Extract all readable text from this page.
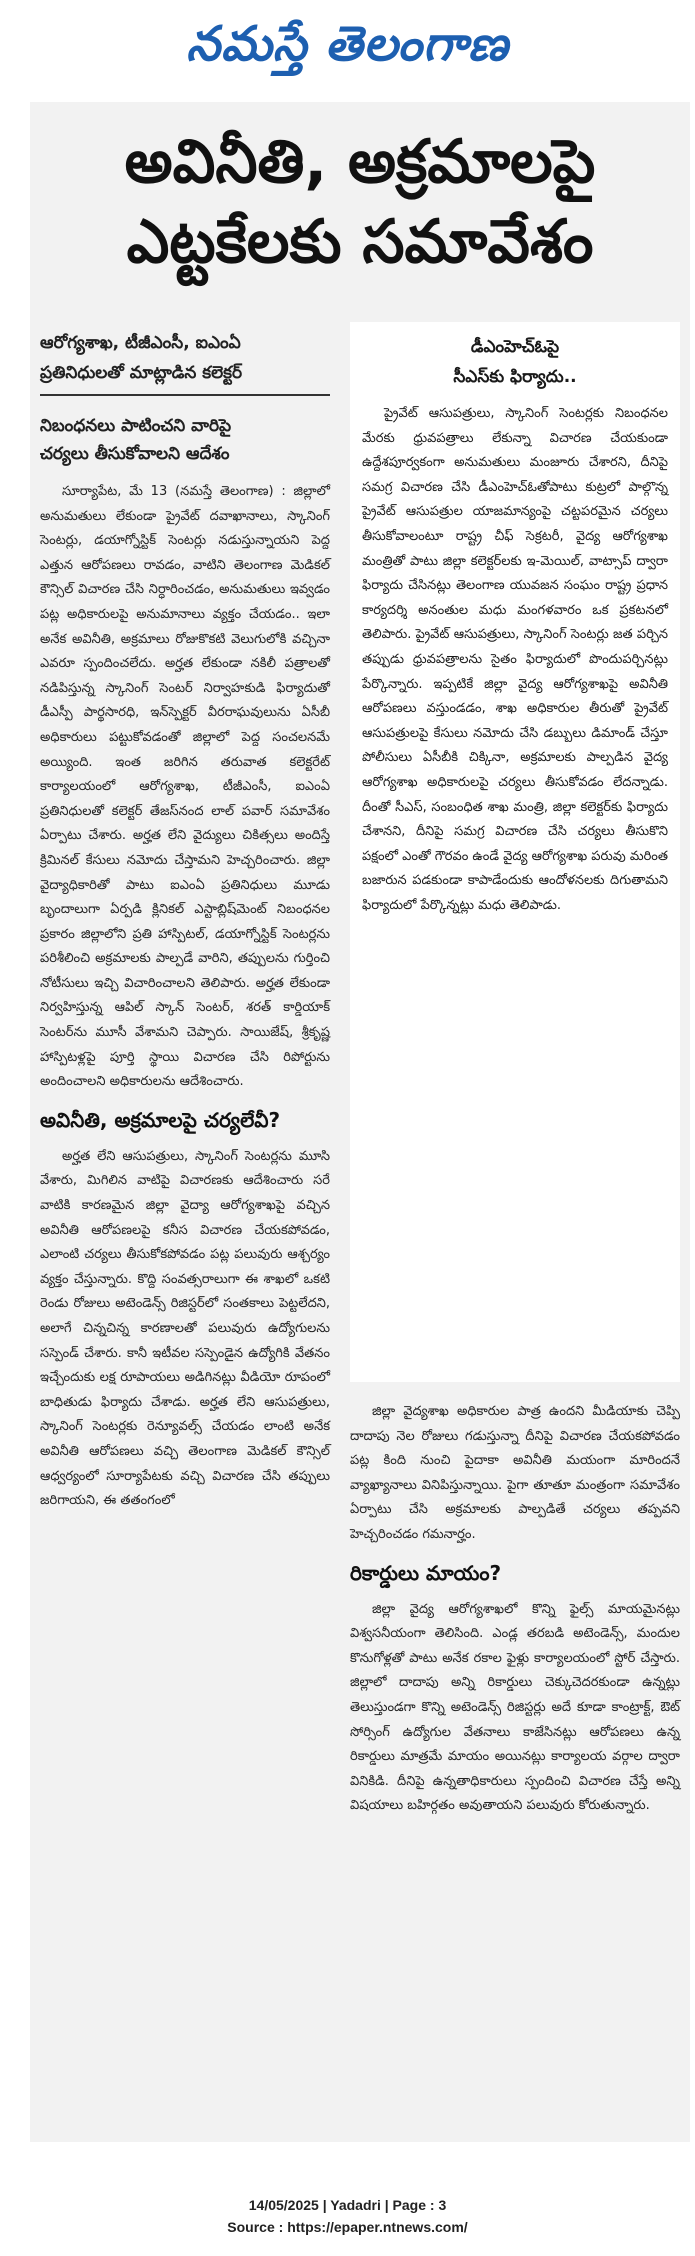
నమస్తే తెలంగాణ
అవినీతి, అక్రమాలపై
ఎట్టకేలకు సమావేశం
ఆరోగ్యశాఖ, టీజీఎంసీ, ఐఎంఏ
ప్రతినిధులతో మాట్లాడిన కలెక్టర్
నిబంధనలు పాటించని వారిపై
చర్యలు తీసుకోవాలని ఆదేశం

సూర్యాపేట, మే 13 (నమస్తే తెలంగాణ) : జిల్లాలో అనుమతులు లేకుండా ప్రైవేట్ దవాఖానాలు, స్కానింగ్ సెంటర్లు, డయాగ్నోస్టిక్ సెంటర్లు నడుస్తున్నాయని పెద్ద ఎత్తున ఆరోపణలు రావడం, వాటిని తెలంగాణ మెడికల్ కౌన్సిల్ విచారణ చేసి నిర్ధారించడం, అనుమతులు ఇవ్వడం పట్ల అధికారులపై అనుమానాలు వ్యక్తం చేయడం.. ఇలా అనేక అవినీతి, అక్రమాలు రోజుకొకటి వెలుగులోకి వచ్చినా ఎవరూ స్పందించలేదు. అర్హత లేకుండా నకిలీ పత్రాలతో నడిపిస్తున్న స్కానింగ్ సెంటర్ నిర్వాహకుడి ఫిర్యాదుతో డీఎస్పీ పార్థసారధి, ఇన్‌స్పెక్టర్ వీరరాఘవులును ఏసీబీ అధికారులు పట్టుకోవడంతో జిల్లాలో పెద్ద సంచలనమే అయ్యింది. ఇంత జరిగిన తరువాత కలెక్టరేట్ కార్యాలయంలో ఆరోగ్యశాఖ, టీజీఎంసీ, ఐఎంఏ ప్రతినిధులతో కలెక్టర్ తేజస్‌నంద లాల్ పవార్ సమావేశం ఏర్పాటు చేశారు. అర్హత లేని వైద్యులు చికిత్సలు అందిస్తే క్రిమినల్ కేసులు నమోదు చేస్తామని హెచ్చరించారు. జిల్లా వైద్యాధికారితో పాటు ఐఎంఏ ప్రతినిధులు మూడు బృందాలుగా ఏర్పడి క్లినికల్ ఎస్టాబ్లిష్‌మెంట్ నిబంధనల ప్రకారం జిల్లాలోని ప్రతి హాస్పిటల్, డయాగ్నోస్టిక్ సెంటర్లను పరిశీలించి అక్రమాలకు పాల్పడే వారిని, తప్పులను గుర్తించి నోటీసులు ఇచ్చి విచారించాలని తెలిపారు. అర్హత లేకుండా నిర్వహిస్తున్న ఆపిల్ స్కాన్ సెంటర్, శరత్ కార్డియాక్ సెంటర్‌ను మూసీ వేశామని చెప్పారు. సాయిజేష్, శ్రీకృష్ణ హాస్పిటళ్లపై పూర్తి స్థాయి విచారణ చేసి రిపోర్టును అందించాలని అధికారులను ఆదేశించారు.

అవినీతి, అక్రమాలపై చర్యలేవీ?

అర్హత లేని ఆసుపత్రులు, స్కానింగ్ సెంటర్లను మూసి వేశారు, మిగిలిన వాటిపై విచారణకు ఆదేశించారు సరే వాటికి కారణమైన జిల్లా వైద్యా ఆరోగ్యశాఖపై వచ్చిన అవినీతి ఆరోపణలపై కనీస విచారణ చేయకపోవడం, ఎలాంటి చర్యలు తీసుకోకపోవడం పట్ల పలువురు ఆశ్చర్యం వ్యక్తం చేస్తున్నారు. కొద్ది సంవత్సరాలుగా ఈ శాఖలో ఒకటి రెండు రోజులు అటెండెన్స్ రిజిస్టర్‌లో సంతకాలు పెట్టలేదని, అలాగే చిన్నచిన్న కారణాలతో పలువురు ఉద్యోగులను సస్పెండ్ చేశారు. కానీ ఇటీవల సస్పెండైన ఉద్యోగికి వేతనం ఇచ్చేందుకు లక్ష రూపాయలు అడిగినట్లు వీడియో రూపంలో బాధితుడు ఫిర్యాదు చేశాడు. అర్హత లేని ఆసుపత్రులు, స్కానింగ్ సెంటర్లకు రెన్యూవల్స్ చేయడం లాంటి అనేక అవినీతి ఆరోపణలు వచ్చి తెలంగాణ మెడికల్ కౌన్సిల్ ఆధ్వర్యంలో సూర్యాపేటకు వచ్చి విచారణ చేసి తప్పులు జరిగాయని, ఈ తతంగంలో

డీఎంహెచ్ఓపై
సీఎస్‌కు ఫిర్యాదు..

ప్రైవేట్ ఆసుపత్రులు, స్కానింగ్ సెంటర్లకు నిబంధనల మేరకు ధ్రువపత్రాలు లేకున్నా విచారణ చేయకుండా ఉద్దేశపూర్వకంగా అనుమతులు మంజూరు చేశారని, దీనిపై సమగ్ర విచారణ చేసి డీఎంహెచ్‌ఓతోపాటు కుట్రలో పాల్గొన్న ప్రైవేట్ ఆసుపత్రుల యాజమాన్యంపై చట్టపరమైన చర్యలు తీసుకోవాలంటూ రాష్ట్ర చీఫ్ సెక్రటరీ, వైద్య ఆరోగ్యశాఖ మంత్రితో పాటు జిల్లా కలెక్టర్‌లకు ఇ-మెయిల్, వాట్సాప్ ద్వారా ఫిర్యాదు చేసినట్లు తెలంగాణ యువజన సంఘం రాష్ట్ర ప్రధాన కార్యదర్శి అనంతుల మధు మంగళవారం ఒక ప్రకటనలో తెలిపారు. ప్రైవేట్ ఆసుపత్రులు, స్కానింగ్ సెంటర్లు జత పర్చిన తప్పుడు ధ్రువపత్రాలను సైతం ఫిర్యాదులో పొందుపర్చినట్లు పేర్కొన్నారు. ఇప్పటికే జిల్లా వైద్య ఆరోగ్యశాఖపై అవినీతి ఆరోపణలు వస్తుండడం, శాఖ అధికారుల తీరుతో ప్రైవేట్ ఆసుపత్రులపై కేసులు నమోదు చేసి డబ్బులు డిమాండ్ చేస్తూ పోలీసులు ఏసీబీకి చిక్కినా, అక్రమాలకు పాల్పడిన వైద్య ఆరోగ్యశాఖ అధికారులపై చర్యలు తీసుకోవడం లేదన్నాడు. దీంతో సీఎస్, సంబంధిత శాఖ మంత్రి, జిల్లా కలెక్టర్‌కు ఫిర్యాదు చేశానని, దీనిపై సమగ్ర విచారణ చేసి చర్యలు తీసుకొని పక్షంలో ఎంతో గౌరవం ఉండే వైద్య ఆరోగ్యశాఖ పరువు మరింత బజారున పడకుండా కాపాడేందుకు ఆందోళనలకు దిగుతామని ఫిర్యాదులో పేర్కొన్నట్లు మధు తెలిపాడు.

జిల్లా వైద్యశాఖ అధికారుల పాత్ర ఉందని మీడియాకు చెప్పి దాదాపు నెల రోజులు గడుస్తున్నా దీనిపై విచారణ చేయకపోవడం పట్ల కింది నుంచి పైదాకా అవినీతి మయంగా మారిందనే వ్యాఖ్యానాలు వినిపిస్తున్నాయి. పైగా తూతూ మంత్రంగా సమావేశం ఏర్పాటు చేసి అక్రమాలకు పాల్పడితే చర్యలు తప్పవని హెచ్చరించడం గమనార్హం.

రికార్డులు మాయం?

జిల్లా వైద్య ఆరోగ్యశాఖలో కొన్ని ఫైల్స్ మాయమైనట్లు విశ్వసనీయంగా తెలిసింది. ఎండ్ల తరబడి అటెండెన్స్, మందుల కొనుగోళ్లతో పాటు అనేక రకాల ఫైళ్లు కార్యాలయంలో స్టోర్ చేస్తారు. జిల్లాలో దాదాపు అన్ని రికార్డులు చెక్కుచెదరకుండా ఉన్నట్లు తెలుస్తుండగా కొన్ని అటెండెన్స్ రిజిస్టర్లు అదే కూడా కాంట్రాక్ట్, ఔట్ సోర్సింగ్ ఉద్యోగుల వేతనాలు కాజేసినట్లు ఆరోపణలు ఉన్న రికార్డులు మాత్రమే మాయం అయినట్లు కార్యాలయ వర్గాల ద్వారా వినికిడి. దీనిపై ఉన్నతాధికారులు స్పందించి విచారణ చేస్తే అన్ని విషయాలు బహిర్గతం అవుతాయని పలువురు కోరుతున్నారు.

14/05/2025 | Yadadri | Page : 3
Source : https://epaper.ntnews.com/
